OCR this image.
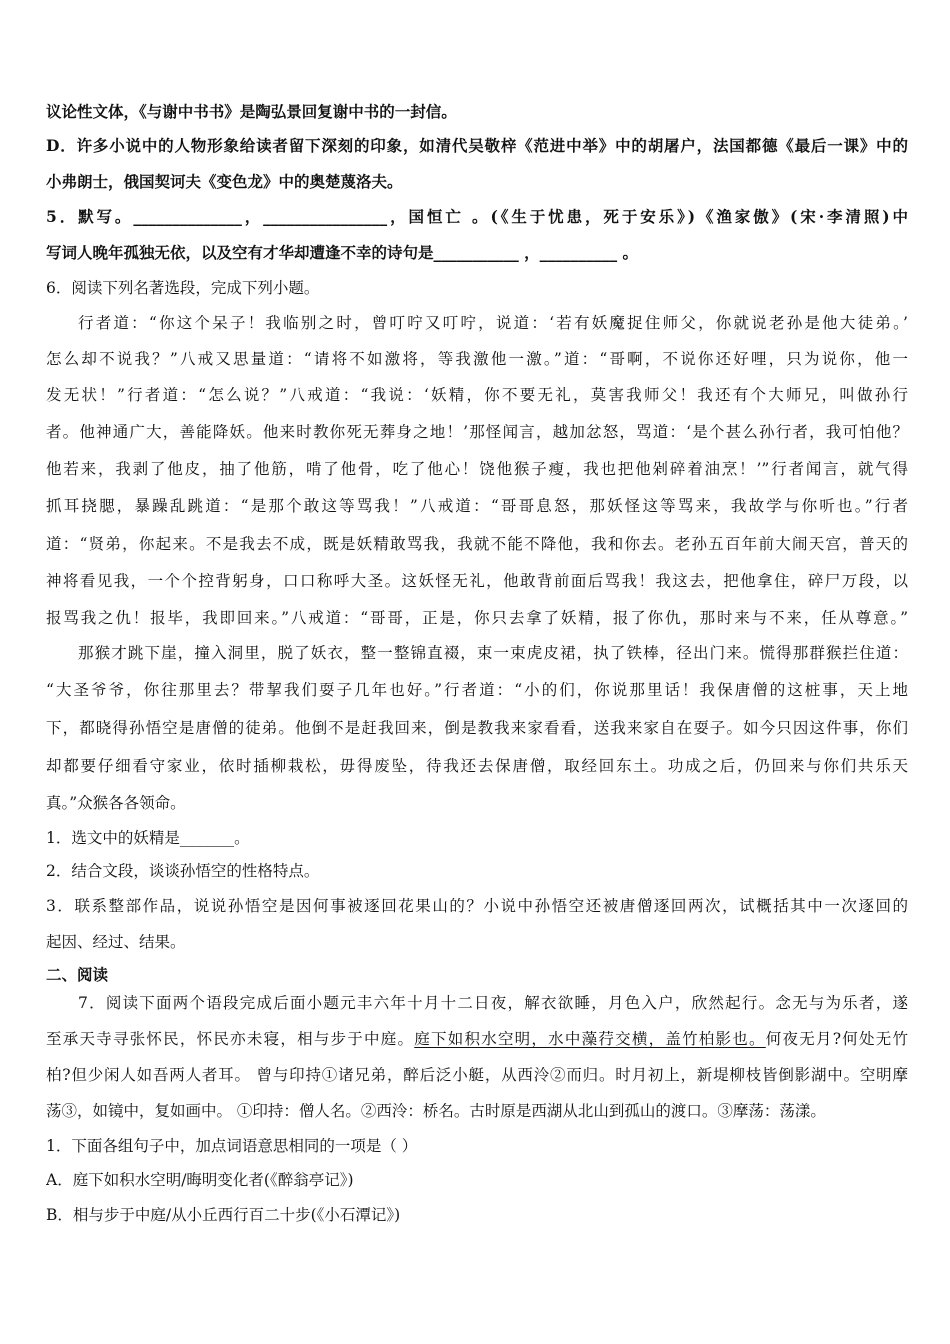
议论性文体，《与谢中书书》是陶弘景回复谢中书的一封信。

D．许多小说中的人物形象给读者留下深刻的印象，如清代吴敬梓《范进中举》中的胡屠户，法国都德《最后一课》中的

小弗朗士，俄国契诃夫《变色龙》中的奥楚蔑洛夫。

5．默写。______________，________________，国恒亡 。(《生于忧患，死于安乐》)《渔家傲》(宋·李清照)中

写词人晚年孤独无依，以及空有才华却遭逢不幸的诗句是___________ ，__________ 。

6．阅读下列名著选段，完成下列小题。

行者道：“你这个呆子！我临别之时，曾叮咛又叮咛，说道：‘若有妖魔捉住师父，你就说老孙是他大徒弟。’

怎么却不说我？”八戒又思量道：“请将不如激将，等我激他一激。”道：“哥啊，不说你还好哩，只为说你，他一

发无状！”行者道：“怎么说？”八戒道：“我说：‘妖精，你不要无礼，莫害我师父！我还有个大师兄，叫做孙行

者。他神通广大，善能降妖。他来时教你死无葬身之地！’那怪闻言，越加忿怒，骂道：‘是个甚么孙行者，我可怕他？

他若来，我剥了他皮，抽了他筋，啃了他骨，吃了他心！饶他猴子瘦，我也把他剁碎着油烹！’”行者闻言，就气得

抓耳挠腮，暴躁乱跳道：“是那个敢这等骂我！”八戒道：“哥哥息怒，那妖怪这等骂来，我故学与你听也。”行者

道：“贤弟，你起来。不是我去不成，既是妖精敢骂我，我就不能不降他，我和你去。老孙五百年前大闹天宫，普天的

神将看见我，一个个控背躬身，口口称呼大圣。这妖怪无礼，他敢背前面后骂我！我这去，把他拿住，碎尸万段，以

报骂我之仇！报毕，我即回来。”八戒道：“哥哥，正是，你只去拿了妖精，报了你仇，那时来与不来，任从尊意。”

那猴才跳下崖，撞入洞里，脱了妖衣，整一整锦直裰，束一束虎皮裙，执了铁棒，径出门来。慌得那群猴拦住道：

“大圣爷爷，你往那里去？带挈我们耍子几年也好。”行者道：“小的们，你说那里话！我保唐僧的这桩事，天上地

下，都晓得孙悟空是唐僧的徒弟。他倒不是赶我回来，倒是教我来家看看，送我来家自在耍子。如今只因这件事，你们

却都要仔细看守家业，依时插柳栽松，毋得废坠，待我还去保唐僧，取经回东土。功成之后，仍回来与你们共乐天

真。”众猴各各领命。

1．选文中的妖精是_______。

2．结合文段，谈谈孙悟空的性格特点。

3．联系整部作品，说说孙悟空是因何事被逐回花果山的？小说中孙悟空还被唐僧逐回两次，试概括其中一次逐回的

起因、经过、结果。

二、阅读

7．阅读下面两个语段完成后面小题元丰六年十月十二日夜，解衣欲睡，月色入户，欣然起行。念无与为乐者，遂

至承天寺寻张怀民，怀民亦未寝，相与步于中庭。庭下如积水空明，水中藻荇交横，盖竹柏影也。何夜无月?何处无竹

柏?但少闲人如吾两人者耳。 曾与印持①诸兄弟，醉后泛小艇，从西泠②而归。时月初上，新堤柳枝皆倒影湖中。空明摩

荡③，如镜中，复如画中。 ①印持：僧人名。②西泠：桥名。古时原是西湖从北山到孤山的渡口。③摩荡：荡漾。

1．下面各组句子中，加点词语意思相同的一项是（ ）

A．庭下如积水空明/晦明变化者(《醉翁亭记》)

B．相与步于中庭/从小丘西行百二十步(《小石潭记》)
